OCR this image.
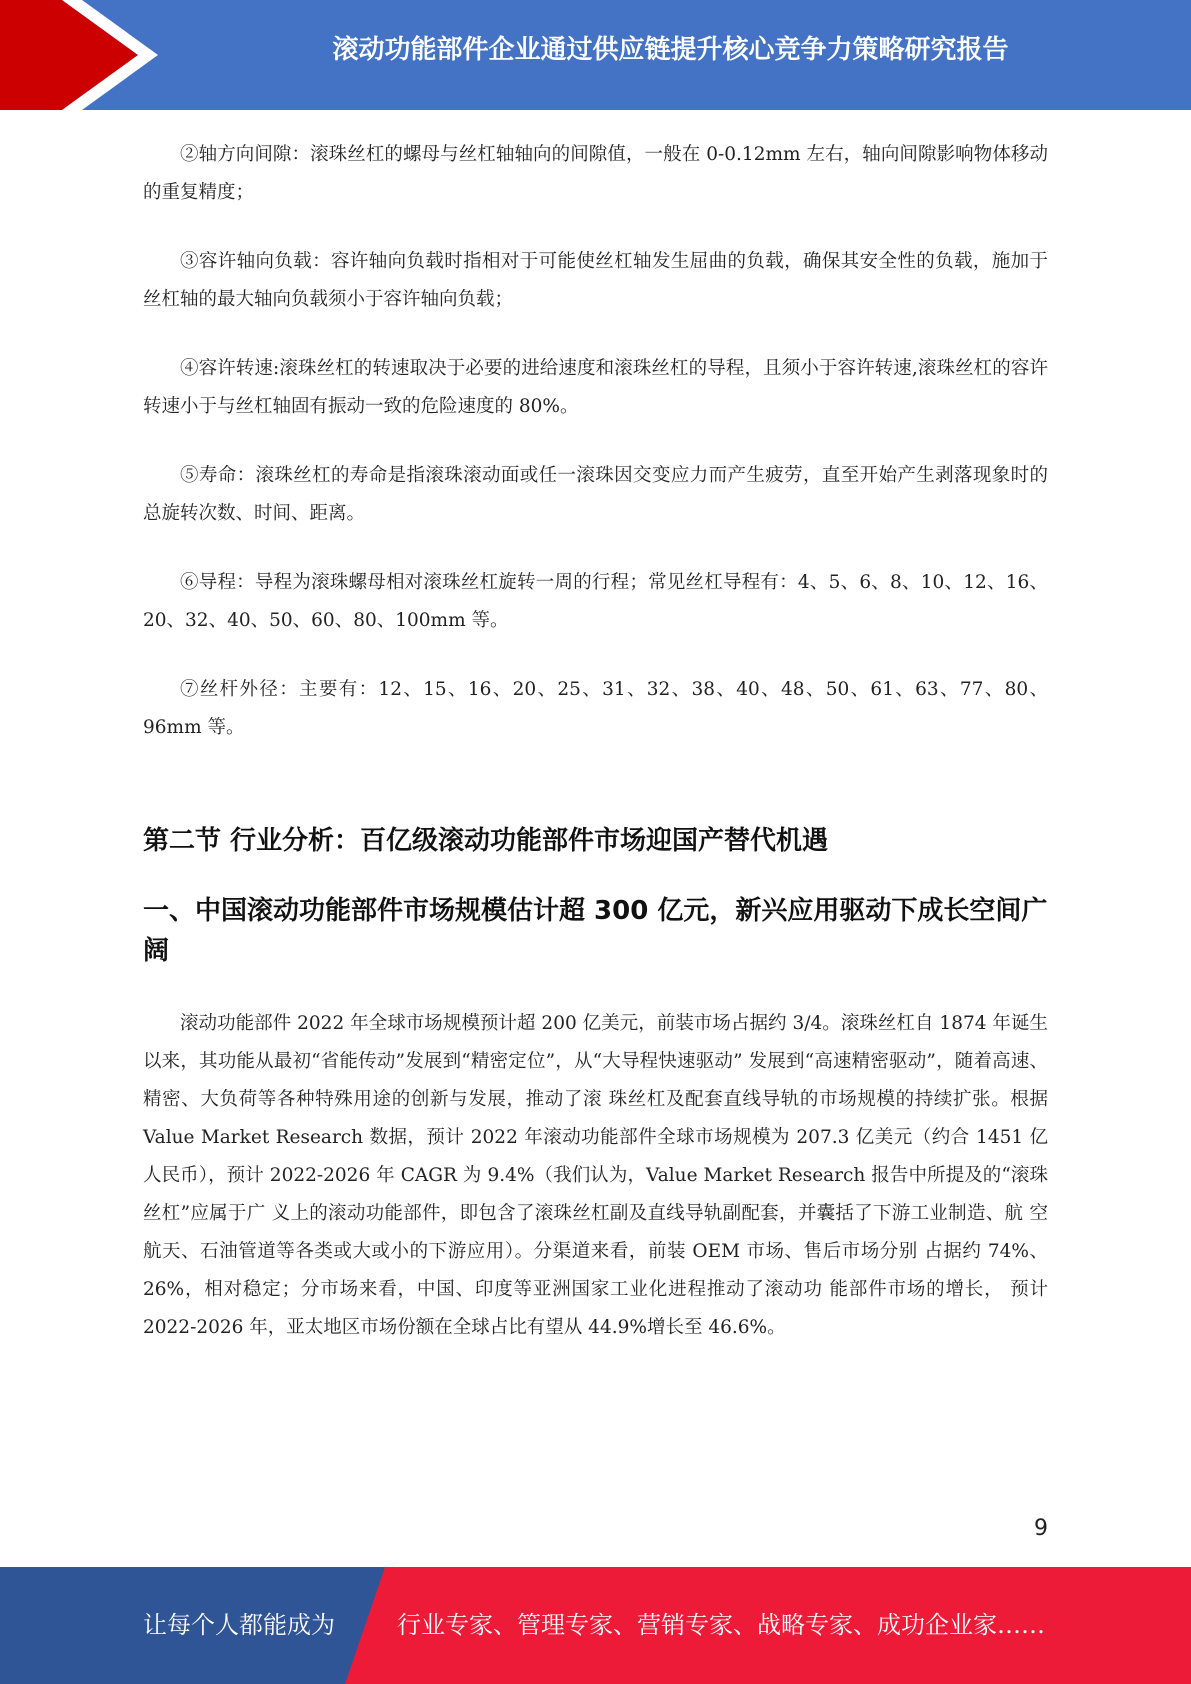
滚动功能部件企业通过供应链提升核心竞争力策略研究报告

②轴方向间隙：滚珠丝杠的螺母与丝杠轴轴向的间隙值，一般在 0-0.12mm 左右，轴向间隙影响物体移动的重复精度；

③容许轴向负载：容许轴向负载时指相对于可能使丝杠轴发生屈曲的负载，确保其安全性的负载，施加于丝杠轴的最大轴向负载须小于容许轴向负载；

④容许转速:滚珠丝杠的转速取决于必要的进给速度和滚珠丝杠的导程，且须小于容许转速,滚珠丝杠的容许转速小于与丝杠轴固有振动一致的危险速度的 80%。

⑤寿命：滚珠丝杠的寿命是指滚珠滚动面或任一滚珠因交变应力而产生疲劳，直至开始产生剥落现象时的总旋转次数、时间、距离。

⑥导程：导程为滚珠螺母相对滚珠丝杠旋转一周的行程；常见丝杠导程有：4、5、6、8、10、12、16、20、32、40、50、60、80、100mm 等。

⑦丝杆外径：主要有：12、15、16、20、25、31、32、38、40、48、50、61、63、77、80、96mm 等。

第二节 行业分析：百亿级滚动功能部件市场迎国产替代机遇
一、中国滚动功能部件市场规模估计超 300 亿元，新兴应用驱动下成长空间广阔

滚动功能部件 2022 年全球市场规模预计超 200 亿美元，前装市场占据约 3/4。滚珠丝杠自 1874 年诞生以来，其功能从最初“省能传动”发展到“精密定位”，从“大导程快速驱动” 发展到“高速精密驱动”，随着高速、精密、大负荷等各种特殊用途的创新与发展，推动了滚 珠丝杠及配套直线导轨的市场规模的持续扩张。根据 Value Market Research 数据，预计 2022 年滚动功能部件全球市场规模为 207.3 亿美元（约合 1451 亿人民币），预计 2022-2026 年 CAGR 为 9.4%（我们认为，Value Market Research 报告中所提及的“滚珠丝杠”应属于广 义上的滚动功能部件，即包含了滚珠丝杠副及直线导轨副配套，并囊括了下游工业制造、航 空航天、石油管道等各类或大或小的下游应用）。分渠道来看，前装 OEM 市场、售后市场分别 占据约 74%、26%，相对稳定；分市场来看，中国、印度等亚洲国家工业化进程推动了滚动功 能部件市场的增长， 预计 2022-2026 年，亚太地区市场份额在全球占比有望从 44.9%增长至 46.6%。

9
让每个人都能成为	行业专家、管理专家、营销专家、战略专家、成功企业家……
